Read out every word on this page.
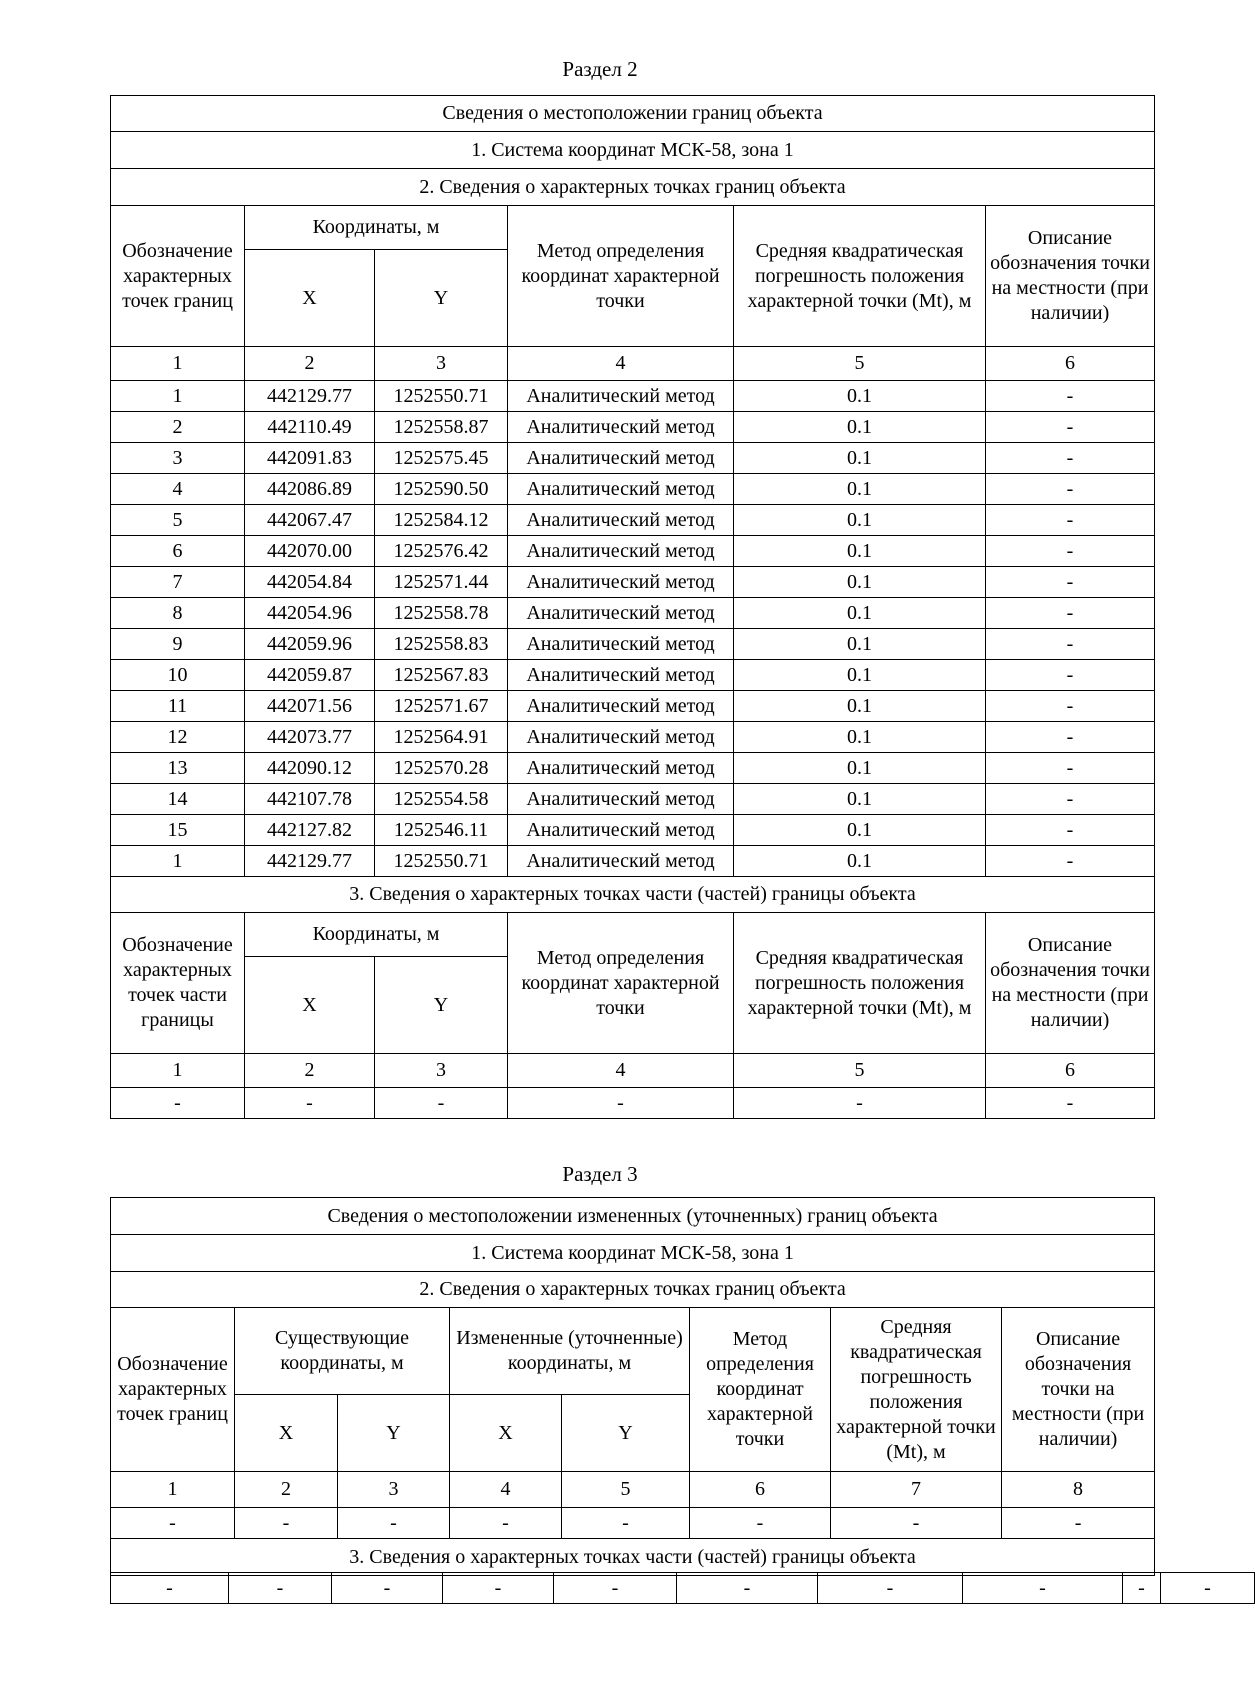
Раздел 2
Сведения о местоположении границ объекта					
1. Система координат МСК-58, зона 1					
2. Сведения о характерных точках границ объекта					
Обозначение характерных точек границ	Координаты, м		Метод определения координат характерной точки	Средняя квадратическая погрешность положения характерной точки (Mt), м	Описание обозначения точки на местности (при наличии)
	X	Y			
1	2	3	4	5	6
1	442129.77	1252550.71	Аналитический метод	0.1	-
2	442110.49	1252558.87	Аналитический метод	0.1	-
3	442091.83	1252575.45	Аналитический метод	0.1	-
4	442086.89	1252590.50	Аналитический метод	0.1	-
5	442067.47	1252584.12	Аналитический метод	0.1	-
6	442070.00	1252576.42	Аналитический метод	0.1	-
7	442054.84	1252571.44	Аналитический метод	0.1	-
8	442054.96	1252558.78	Аналитический метод	0.1	-
9	442059.96	1252558.83	Аналитический метод	0.1	-
10	442059.87	1252567.83	Аналитический метод	0.1	-
11	442071.56	1252571.67	Аналитический метод	0.1	-
12	442073.77	1252564.91	Аналитический метод	0.1	-
13	442090.12	1252570.28	Аналитический метод	0.1	-
14	442107.78	1252554.58	Аналитический метод	0.1	-
15	442127.82	1252546.11	Аналитический метод	0.1	-
1	442129.77	1252550.71	Аналитический метод	0.1	-
3. Сведения о характерных точках части (частей) границы объекта					
Обозначение характерных точек части границы	Координаты, м		Метод определения координат характерной точки	Средняя квадратическая погрешность положения характерной точки (Mt), м	Описание обозначения точки на местности (при наличии)
	X	Y			
1	2	3	4	5	6
-	-	-	-	-	-
Раздел 3
Сведения о местоположении измененных (уточненных) границ объекта							
1. Система координат МСК-58, зона 1							
2. Сведения о характерных точках границ объекта							
Обозначение характерных точек границ	Существующие координаты, м		Измененные (уточненные) координаты, м		Метод определения координат характерной точки	Средняя квадратическая погрешность положения характерной точки (Mt), м	Описание обозначения точки на местности (при наличии)
	X	Y	X	Y			
1	2	3	4	5	6	7	8
-	-	-	-	-	-	-	-
3. Сведения о характерных точках части (частей) границы объекта							
-	-	-	-	-	-	-	-	-	-
